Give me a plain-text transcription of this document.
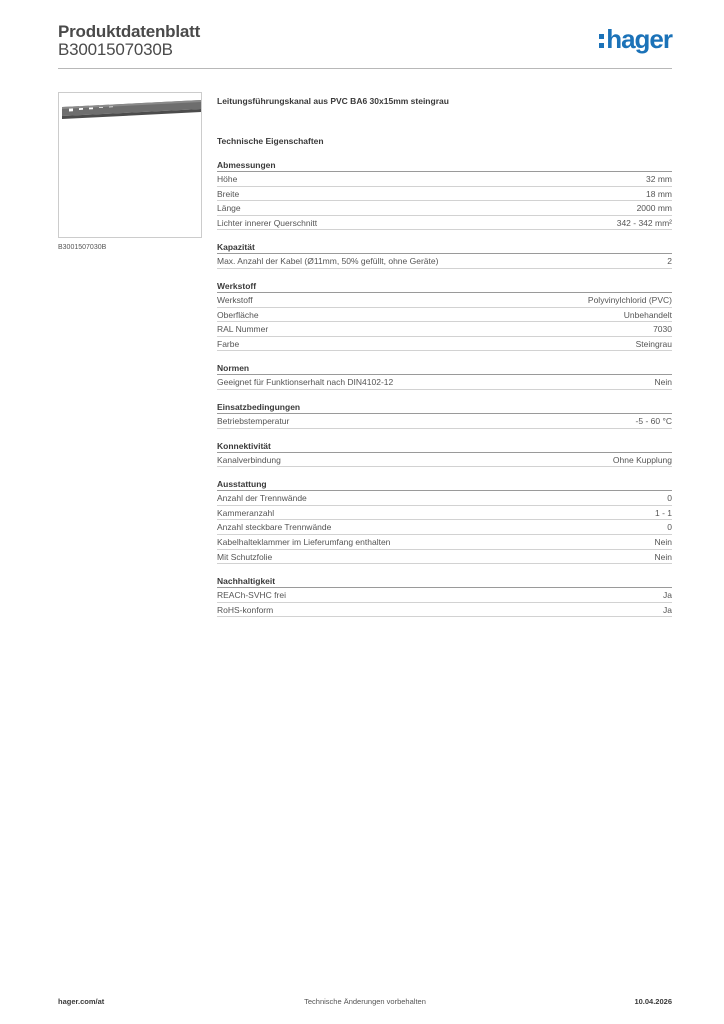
Produktdatenblatt
B3001507030B	hager
B3001507030B
Leitungsführungskanal aus PVC BA6 30x15mm steingrau
Technische Eigenschaften
Abmessungen
Höhe	32 mm
Breite	18 mm
Länge	2000 mm
Lichter innerer Querschnitt	342 - 342 mm²
Kapazität
Max. Anzahl der Kabel (Ø11mm, 50% gefüllt, ohne Geräte)	2
Werkstoff
Werkstoff	Polyvinylchlorid (PVC)
Oberfläche	Unbehandelt
RAL Nummer	7030
Farbe	Steingrau
Normen
Geeignet für Funktionserhalt nach DIN4102-12	Nein
Einsatzbedingungen
Betriebstemperatur	-5 - 60 °C
Konnektivität
Kanalverbindung	Ohne Kupplung
Ausstattung
Anzahl der Trennwände	0
Kammeranzahl	1 - 1
Anzahl steckbare Trennwände	0
Kabelhalteklammer im Lieferumfang enthalten	Nein
Mit Schutzfolie	Nein
Nachhaltigkeit
REACh-SVHC frei	Ja
RoHS-konform	Ja
hager.com/at	Technische Änderungen vorbehalten	10.04.2026
